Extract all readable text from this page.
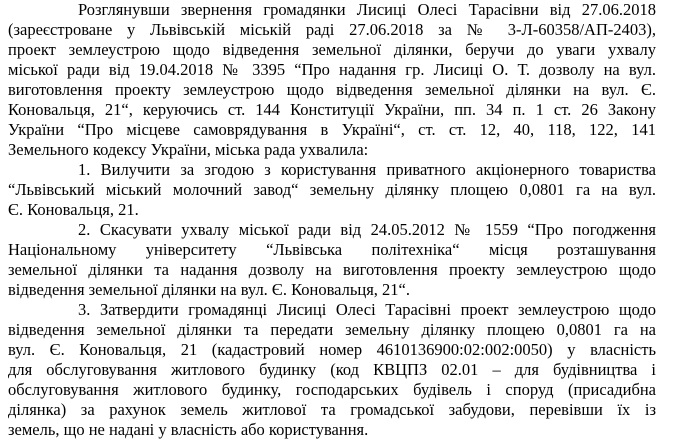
Розглянувши звернення громадянки Лисиці Олесі Тарасівни від 27.06.2018
(зареєстроване у Львівській міській раді 27.06.2018 за № 3-Л-60358/АП-2403),
проект землеустрою щодо відведення земельної ділянки, беручи до уваги ухвалу
міської ради від 19.04.2018 № 3395 “Про надання гр. Лисиці О. Т. дозволу на вул.
виготовлення проекту землеустрою щодо відведення земельної ділянки на вул. Є.
Коновальця, 21“, керуючись ст. 144 Конституції України, пп. 34 п. 1 ст. 26 Закону
України “Про місцеве самоврядування в Україні“, ст. ст. 12, 40, 118, 122, 141
Земельного кодексу України, міська рада ухвалила:
1. Вилучити за згодою з користування приватного акціонерного товариства
“Львівський міський молочний завод“ земельну ділянку площею 0,0801 га на вул.
Є. Коновальця, 21.
2. Скасувати ухвалу міської ради від 24.05.2012 № 1559 “Про погодження
Національному університету “Львівська політехніка“ місця розташування
земельної ділянки та надання дозволу на виготовлення проекту землеустрою щодо
відведення земельної ділянки на вул. Є. Коновальця, 21“.
3. Затвердити громадянці Лисиці Олесі Тарасівні проект землеустрою щодо
відведення земельної ділянки та передати земельну ділянку площею 0,0801 га на
вул. Є. Коновальця, 21 (кадастровий номер 4610136900:02:002:0050) у власність
для обслуговування житлового будинку (код КВЦПЗ 02.01 – для будівництва і
обслуговування житлового будинку, господарських будівель і споруд (присадибна
ділянка) за рахунок земель житлової та громадської забудови, перевівши їх із
земель, що не надані у власність або користування.
